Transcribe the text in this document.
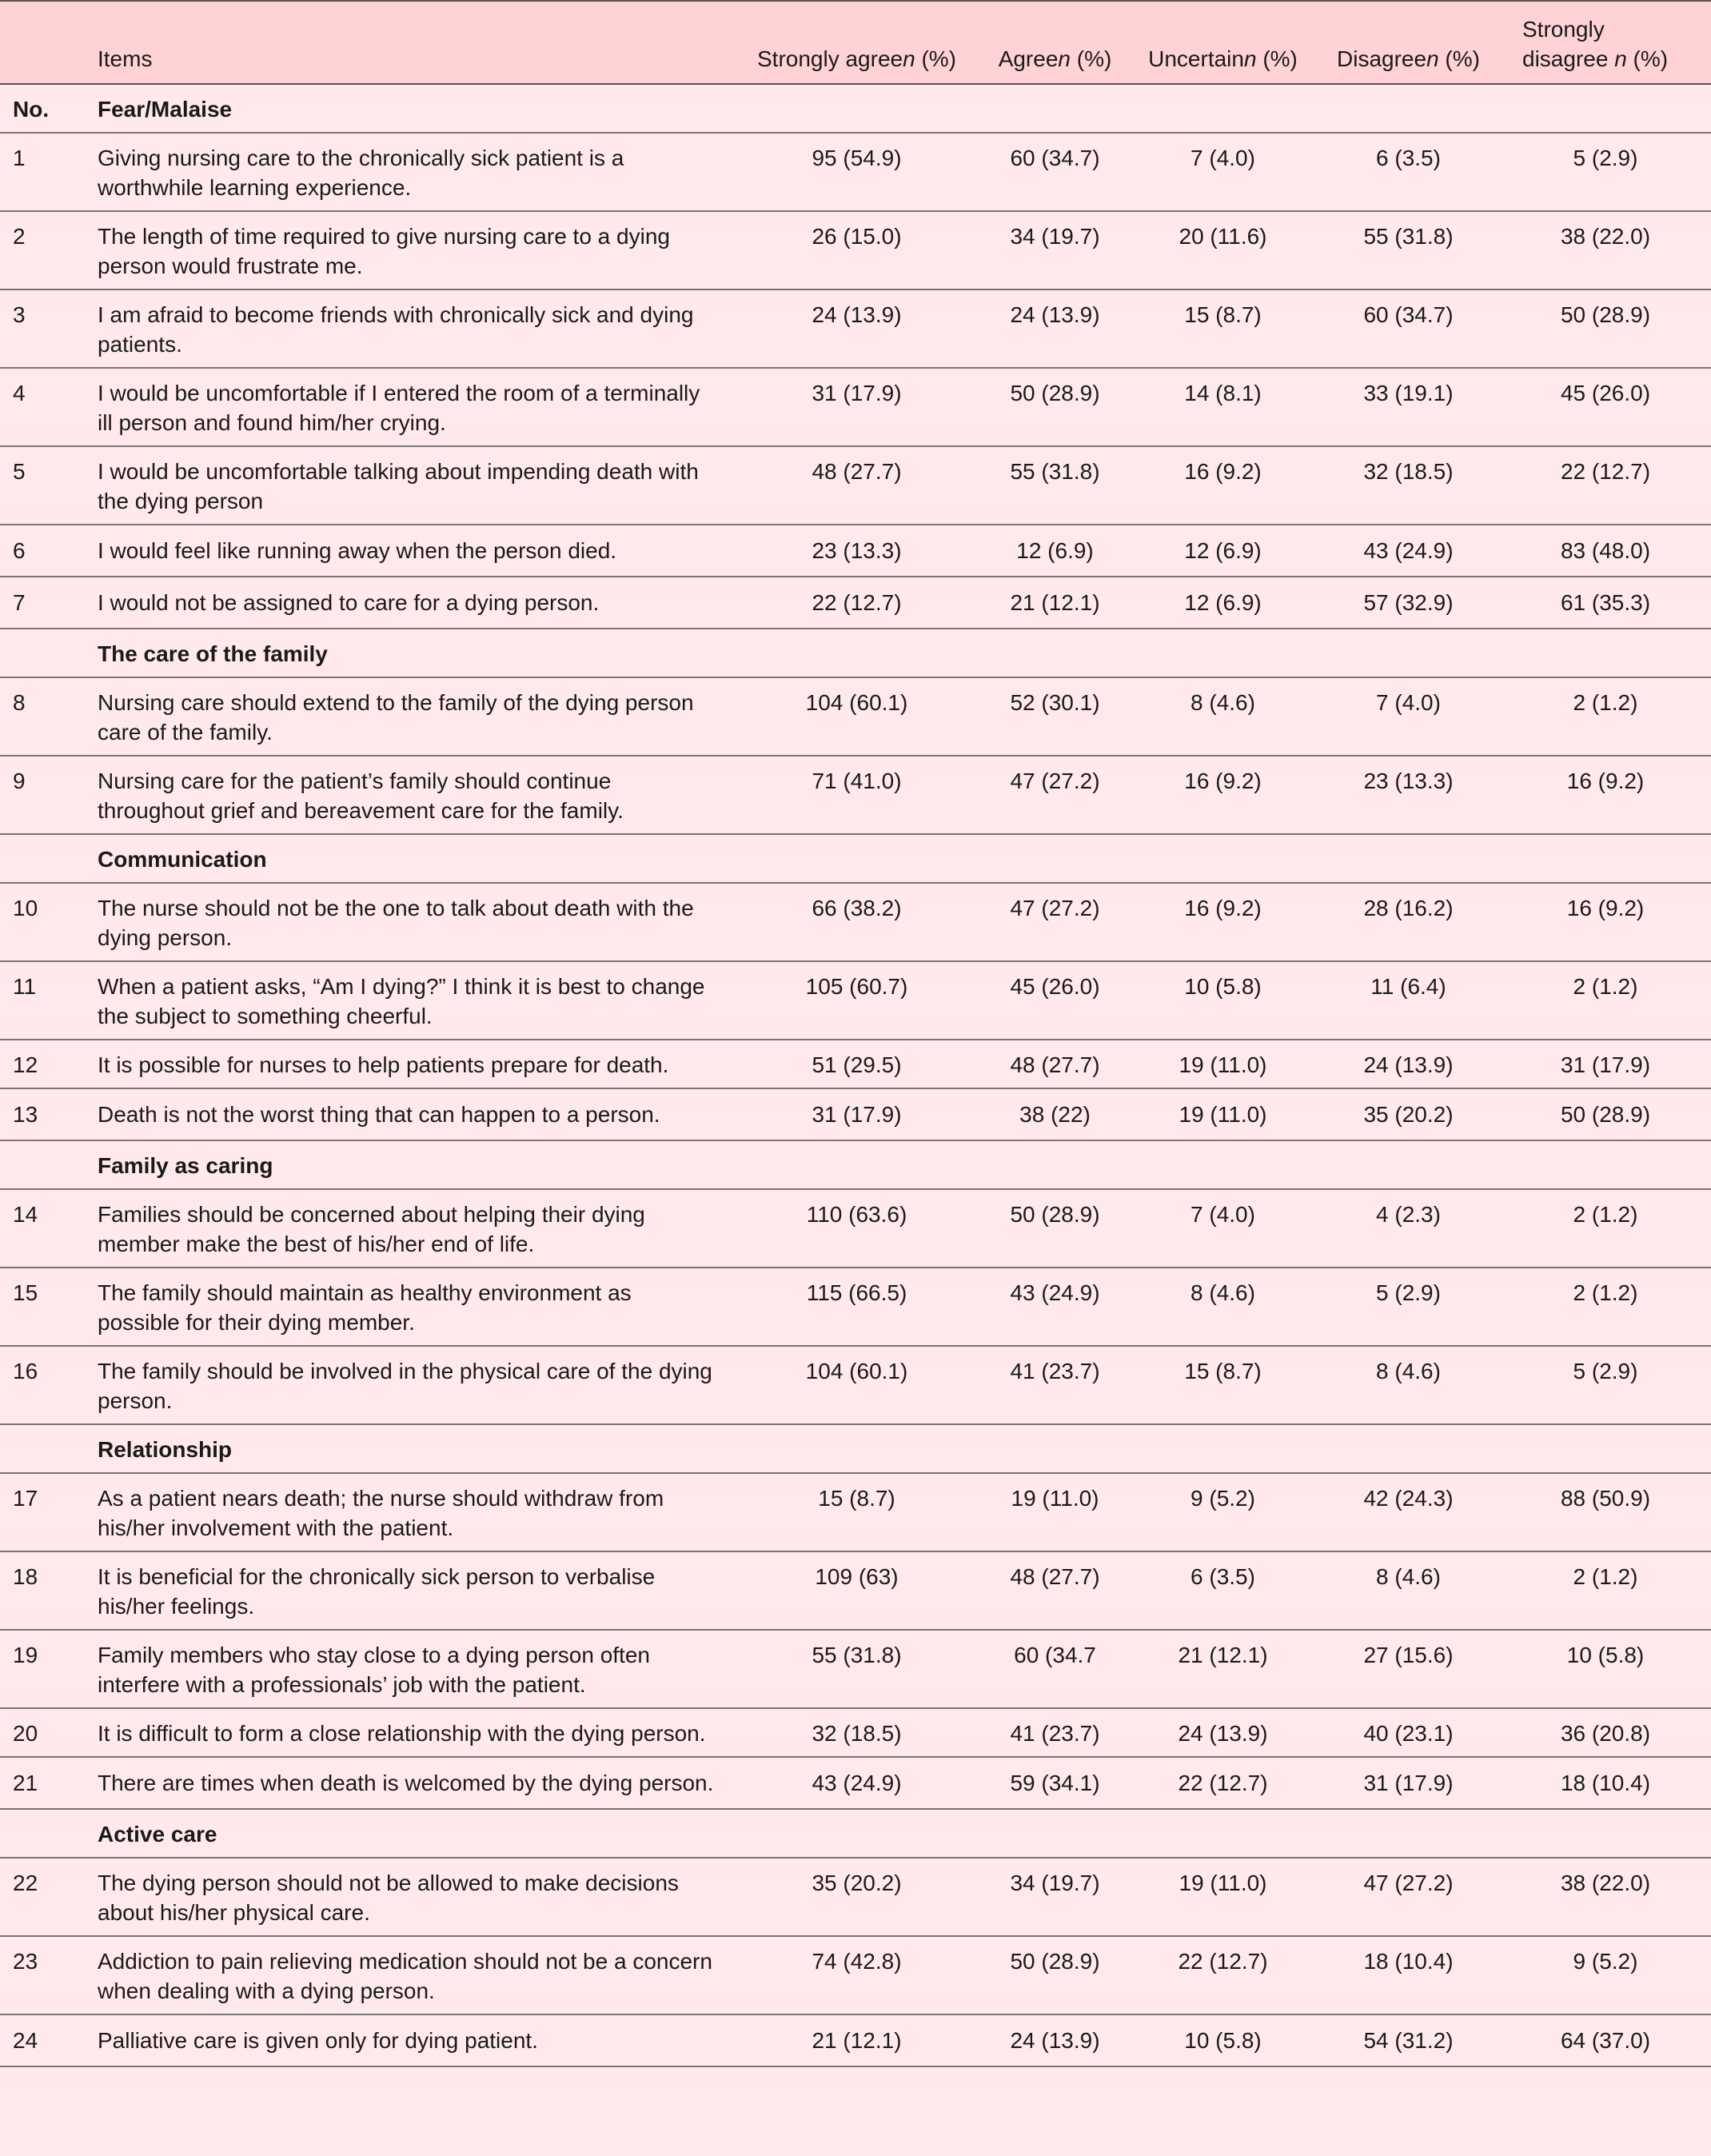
	Items	Strongly agreen (%)	Agreen (%)	Uncertainn (%)	Disagreen (%)	Strongly
disagree n (%)
No.	Fear/Malaise					
1	Giving nursing care to the chronically sick patient is a worthwhile learning experience.	95 (54.9)	60 (34.7)	7 (4.0)	6 (3.5)	5 (2.9)
2	The length of time required to give nursing care to a dying person would frustrate me.	26 (15.0)	34 (19.7)	20 (11.6)	55 (31.8)	38 (22.0)
3	I am afraid to become friends with chronically sick and dying patients.	24 (13.9)	24 (13.9)	15 (8.7)	60 (34.7)	50 (28.9)
4	I would be uncomfortable if I entered the room of a terminally ill person and found him/her crying.	31 (17.9)	50 (28.9)	14 (8.1)	33 (19.1)	45 (26.0)
5	I would be uncomfortable talking about impending death with the dying person	48 (27.7)	55 (31.8)	16 (9.2)	32 (18.5)	22 (12.7)
6	I would feel like running away when the person died.	23 (13.3)	12 (6.9)	12 (6.9)	43 (24.9)	83 (48.0)
7	I would not be assigned to care for a dying person.	22 (12.7)	21 (12.1)	12 (6.9)	57 (32.9)	61 (35.3)
	The care of the family					
8	Nursing care should extend to the family of the dying person care of the family.	104 (60.1)	52 (30.1)	8 (4.6)	7 (4.0)	2 (1.2)
9	Nursing care for the patient’s family should continue throughout grief and bereavement care for the family.	71 (41.0)	47 (27.2)	16 (9.2)	23 (13.3)	16 (9.2)
	Communication					
10	The nurse should not be the one to talk about death with the dying person.	66 (38.2)	47 (27.2)	16 (9.2)	28 (16.2)	16 (9.2)
11	When a patient asks, “Am I dying?” I think it is best to change the subject to something cheerful.	105 (60.7)	45 (26.0)	10 (5.8)	11 (6.4)	2 (1.2)
12	It is possible for nurses to help patients prepare for death.	51 (29.5)	48 (27.7)	19 (11.0)	24 (13.9)	31 (17.9)
13	Death is not the worst thing that can happen to a person.	31 (17.9)	38 (22)	19 (11.0)	35 (20.2)	50 (28.9)
	Family as caring					
14	Families should be concerned about helping their dying member make the best of his/her end of life.	110 (63.6)	50 (28.9)	7 (4.0)	4 (2.3)	2 (1.2)
15	The family should maintain as healthy environment as possible for their dying member.	115 (66.5)	43 (24.9)	8 (4.6)	5 (2.9)	2 (1.2)
16	The family should be involved in the physical care of the dying person.	104 (60.1)	41 (23.7)	15 (8.7)	8 (4.6)	5 (2.9)
	Relationship					
17	As a patient nears death; the nurse should withdraw from his/her involvement with the patient.	15 (8.7)	19 (11.0)	9 (5.2)	42 (24.3)	88 (50.9)
18	It is beneficial for the chronically sick person to verbalise his/her feelings.	109 (63)	48 (27.7)	6 (3.5)	8 (4.6)	2 (1.2)
19	Family members who stay close to a dying person often interfere with a professionals’ job with the patient.	55 (31.8)	60 (34.7	21 (12.1)	27 (15.6)	10 (5.8)
20	It is difficult to form a close relationship with the dying person.	32 (18.5)	41 (23.7)	24 (13.9)	40 (23.1)	36 (20.8)
21	There are times when death is welcomed by the dying person.	43 (24.9)	59 (34.1)	22 (12.7)	31 (17.9)	18 (10.4)
	Active care					
22	The dying person should not be allowed to make decisions about his/her physical care.	35 (20.2)	34 (19.7)	19 (11.0)	47 (27.2)	38 (22.0)
23	Addiction to pain relieving medication should not be a concern when dealing with a dying person.	74 (42.8)	50 (28.9)	22 (12.7)	18 (10.4)	9 (5.2)
24	Palliative care is given only for dying patient.	21 (12.1)	24 (13.9)	10 (5.8)	54 (31.2)	64 (37.0)
